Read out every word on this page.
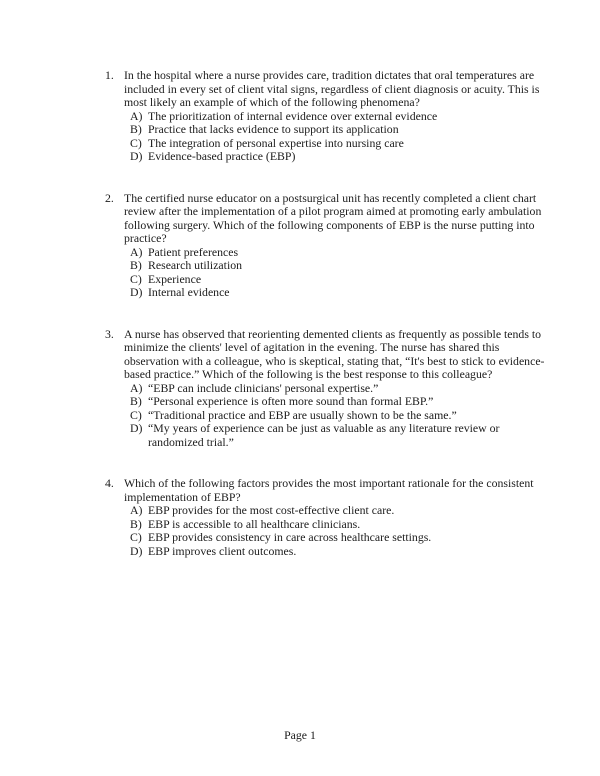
1. In the hospital where a nurse provides care, tradition dictates that oral temperatures are included in every set of client vital signs, regardless of client diagnosis or acuity. This is most likely an example of which of the following phenomena?
A) The prioritization of internal evidence over external evidence
B) Practice that lacks evidence to support its application
C) The integration of personal expertise into nursing care
D) Evidence-based practice (EBP)
2. The certified nurse educator on a postsurgical unit has recently completed a client chart review after the implementation of a pilot program aimed at promoting early ambulation following surgery. Which of the following components of EBP is the nurse putting into practice?
A) Patient preferences
B) Research utilization
C) Experience
D) Internal evidence
3. A nurse has observed that reorienting demented clients as frequently as possible tends to minimize the clients' level of agitation in the evening. The nurse has shared this observation with a colleague, who is skeptical, stating that, “It's best to stick to evidence-based practice.” Which of the following is the best response to this colleague?
A) “EBP can include clinicians' personal expertise.”
B) “Personal experience is often more sound than formal EBP.”
C) “Traditional practice and EBP are usually shown to be the same.”
D) “My years of experience can be just as valuable as any literature review or randomized trial.”
4. Which of the following factors provides the most important rationale for the consistent implementation of EBP?
A) EBP provides for the most cost-effective client care.
B) EBP is accessible to all healthcare clinicians.
C) EBP provides consistency in care across healthcare settings.
D) EBP improves client outcomes.
Page 1
